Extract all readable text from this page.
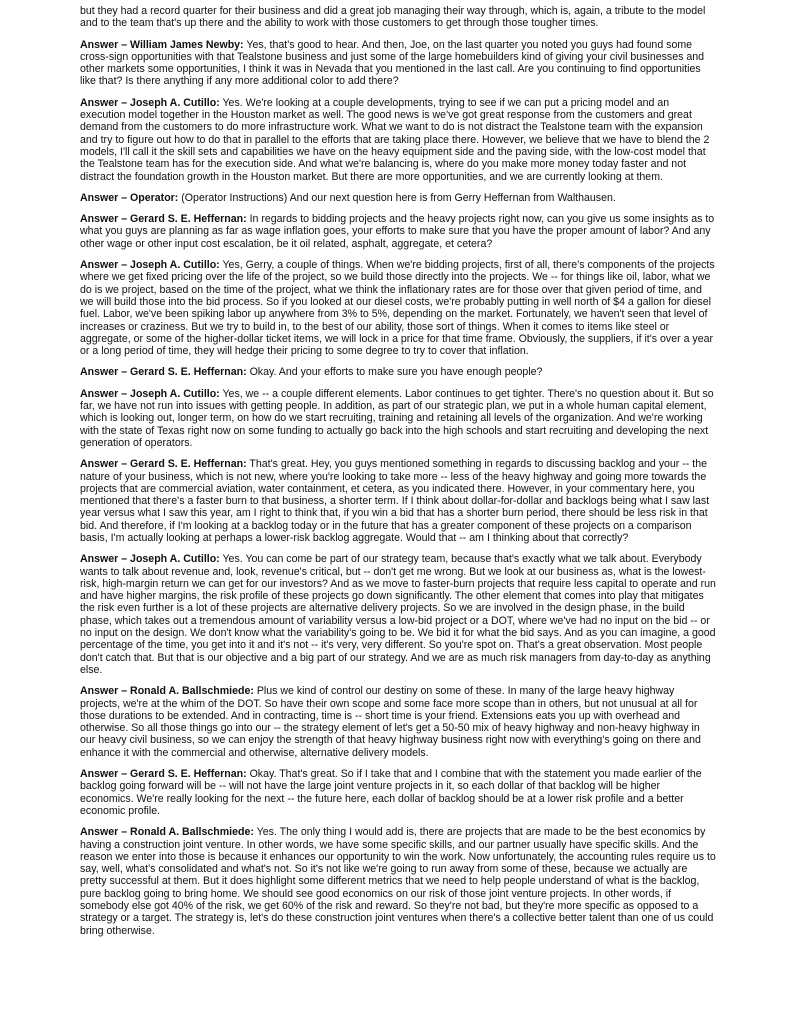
but they had a record quarter for their business and did a great job managing their way through, which is, again, a tribute to the model and to the team that's up there and the ability to work with those customers to get through those tougher times.

Answer – William James Newby: Yes, that's good to hear. And then, Joe, on the last quarter you noted you guys had found some cross-sign opportunities with that Tealstone business and just some of the large homebuilders kind of giving your civil businesses and other markets some opportunities, I think it was in Nevada that you mentioned in the last call. Are you continuing to find opportunities like that? Is there anything if any more additional color to add there?

Answer – Joseph A. Cutillo: Yes. We're looking at a couple developments, trying to see if we can put a pricing model and an execution model together in the Houston market as well. The good news is we've got great response from the customers and great demand from the customers to do more infrastructure work. What we want to do is not distract the Tealstone team with the expansion and try to figure out how to do that in parallel to the efforts that are taking place there. However, we believe that we have to blend the 2 models, I'll call it the skill sets and capabilities we have on the heavy equipment side and the paving side, with the low-cost model that the Tealstone team has for the execution side. And what we're balancing is, where do you make more money today faster and not distract the foundation growth in the Houston market. But there are more opportunities, and we are currently looking at them.

Answer – Operator: (Operator Instructions) And our next question here is from Gerry Heffernan from Walthausen.

Answer – Gerard S. E. Heffernan: In regards to bidding projects and the heavy projects right now, can you give us some insights as to what you guys are planning as far as wage inflation goes, your efforts to make sure that you have the proper amount of labor? And any other wage or other input cost escalation, be it oil related, asphalt, aggregate, et cetera?

Answer – Joseph A. Cutillo: Yes, Gerry, a couple of things. When we're bidding projects, first of all, there's components of the projects where we get fixed pricing over the life of the project, so we build those directly into the projects. We -- for things like oil, labor, what we do is we project, based on the time of the project, what we think the inflationary rates are for those over that given period of time, and we will build those into the bid process. So if you looked at our diesel costs, we're probably putting in well north of $4 a gallon for diesel fuel. Labor, we've been spiking labor up anywhere from 3% to 5%, depending on the market. Fortunately, we haven't seen that level of increases or craziness. But we try to build in, to the best of our ability, those sort of things. When it comes to items like steel or aggregate, or some of the higher-dollar ticket items, we will lock in a price for that time frame. Obviously, the suppliers, if it's over a year or a long period of time, they will hedge their pricing to some degree to try to cover that inflation.

Answer – Gerard S. E. Heffernan: Okay. And your efforts to make sure you have enough people?

Answer – Joseph A. Cutillo: Yes, we -- a couple different elements. Labor continues to get tighter. There's no question about it. But so far, we have not run into issues with getting people. In addition, as part of our strategic plan, we put in a whole human capital element, which is looking out, longer term, on how do we start recruiting, training and retaining all levels of the organization. And we're working with the state of Texas right now on some funding to actually go back into the high schools and start recruiting and developing the next generation of operators.

Answer – Gerard S. E. Heffernan: That's great. Hey, you guys mentioned something in regards to discussing backlog and your -- the nature of your business, which is not new, where you're looking to take more -- less of the heavy highway and going more towards the projects that are commercial aviation, water containment, et cetera, as you indicated there. However, in your commentary here, you mentioned that there's a faster burn to that business, a shorter term. If I think about dollar-for-dollar and backlogs being what I saw last year versus what I saw this year, am I right to think that, if you win a bid that has a shorter burn period, there should be less risk in that bid. And therefore, if I'm looking at a backlog today or in the future that has a greater component of these projects on a comparison basis, I'm actually looking at perhaps a lower-risk backlog aggregate. Would that -- am I thinking about that correctly?

Answer – Joseph A. Cutillo: Yes. You can come be part of our strategy team, because that's exactly what we talk about. Everybody wants to talk about revenue and, look, revenue's critical, but -- don't get me wrong. But we look at our business as, what is the lowest-risk, high-margin return we can get for our investors? And as we move to faster-burn projects that require less capital to operate and run and have higher margins, the risk profile of these projects go down significantly. The other element that comes into play that mitigates the risk even further is a lot of these projects are alternative delivery projects. So we are involved in the design phase, in the build phase, which takes out a tremendous amount of variability versus a low-bid project or a DOT, where we've had no input on the bid -- or no input on the design. We don't know what the variability's going to be. We bid it for what the bid says. And as you can imagine, a good percentage of the time, you get into it and it's not -- it's very, very different. So you're spot on. That's a great observation. Most people don't catch that. But that is our objective and a big part of our strategy. And we are as much risk managers from day-to-day as anything else.

Answer – Ronald A. Ballschmiede: Plus we kind of control our destiny on some of these. In many of the large heavy highway projects, we're at the whim of the DOT. So have their own scope and some face more scope than in others, but not unusual at all for those durations to be extended. And in contracting, time is -- short time is your friend. Extensions eats you up with overhead and otherwise. So all those things go into our -- the strategy element of let's get a 50-50 mix of heavy highway and non-heavy highway in our heavy civil business, so we can enjoy the strength of that heavy highway business right now with everything's going on there and enhance it with the commercial and otherwise, alternative delivery models.

Answer – Gerard S. E. Heffernan: Okay. That's great. So if I take that and I combine that with the statement you made earlier of the backlog going forward will be -- will not have the large joint venture projects in it, so each dollar of that backlog will be higher economics. We're really looking for the next -- the future here, each dollar of backlog should be at a lower risk profile and a better economic profile.

Answer – Ronald A. Ballschmiede: Yes. The only thing I would add is, there are projects that are made to be the best economics by having a construction joint venture. In other words, we have some specific skills, and our partner usually have specific skills. And the reason we enter into those is because it enhances our opportunity to win the work. Now unfortunately, the accounting rules require us to say, well, what's consolidated and what's not. So it's not like we're going to run away from some of these, because we actually are pretty successful at them. But it does highlight some different metrics that we need to help people understand of what is the backlog, pure backlog going to bring home. We should see good economics on our risk of those joint venture projects. In other words, if somebody else got 40% of the risk, we get 60% of the risk and reward. So they're not bad, but they're more specific as opposed to a strategy or a target. The strategy is, let's do these construction joint ventures when there's a collective better talent than one of us could bring otherwise.
